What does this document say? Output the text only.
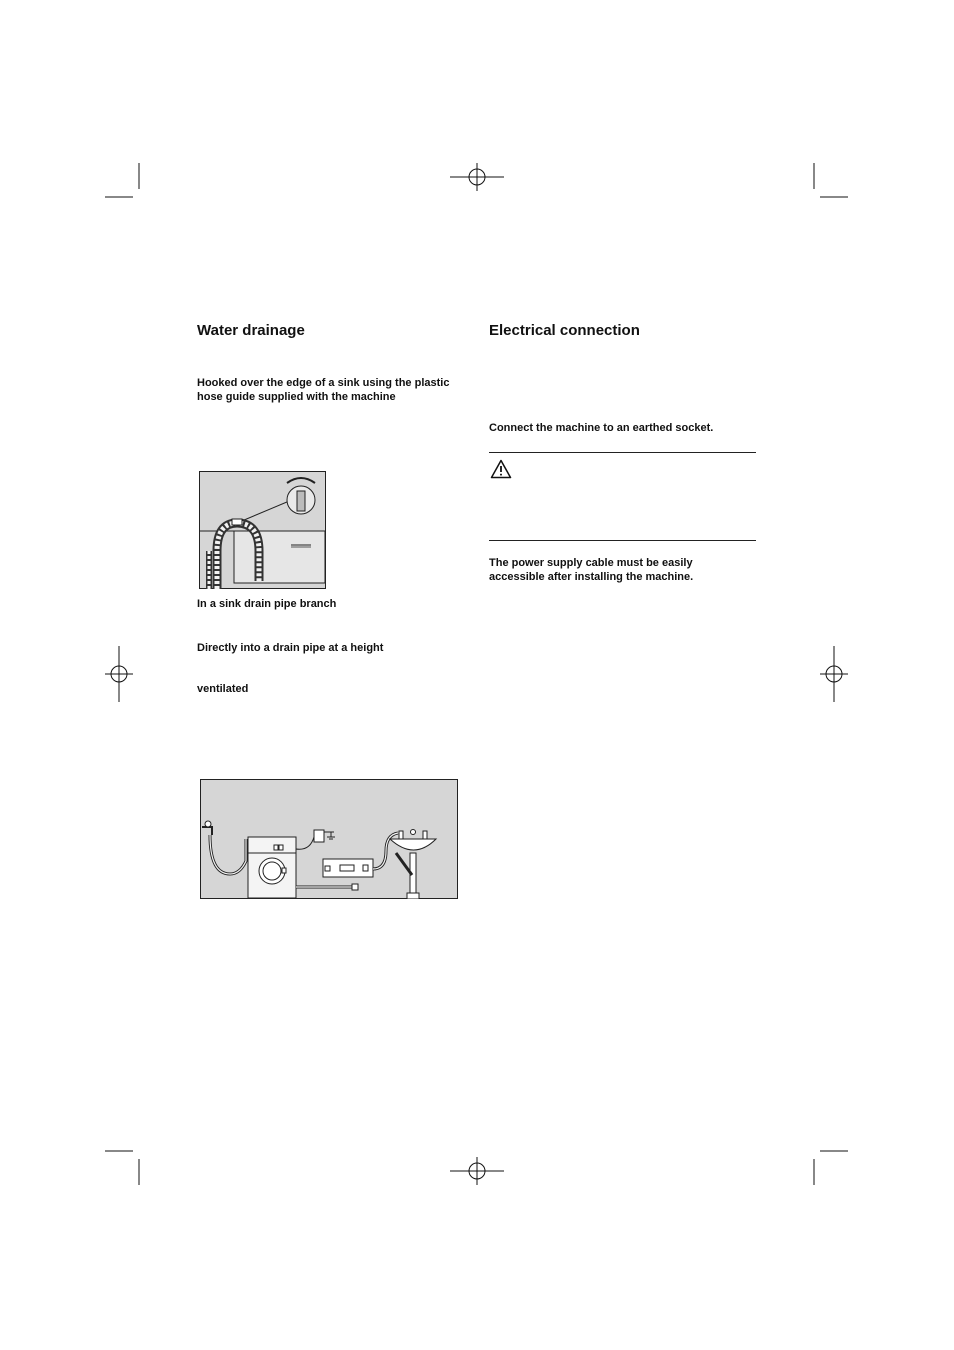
Water drainage

Hooked over the edge of a sink using the plastic

hose guide supplied with the machine

In a sink drain pipe branch

Directly into a drain pipe at a height

ventilated

Electrical connection

Connect the machine to an earthed socket.

The power supply cable must be easily

accessible after installing the machine.
